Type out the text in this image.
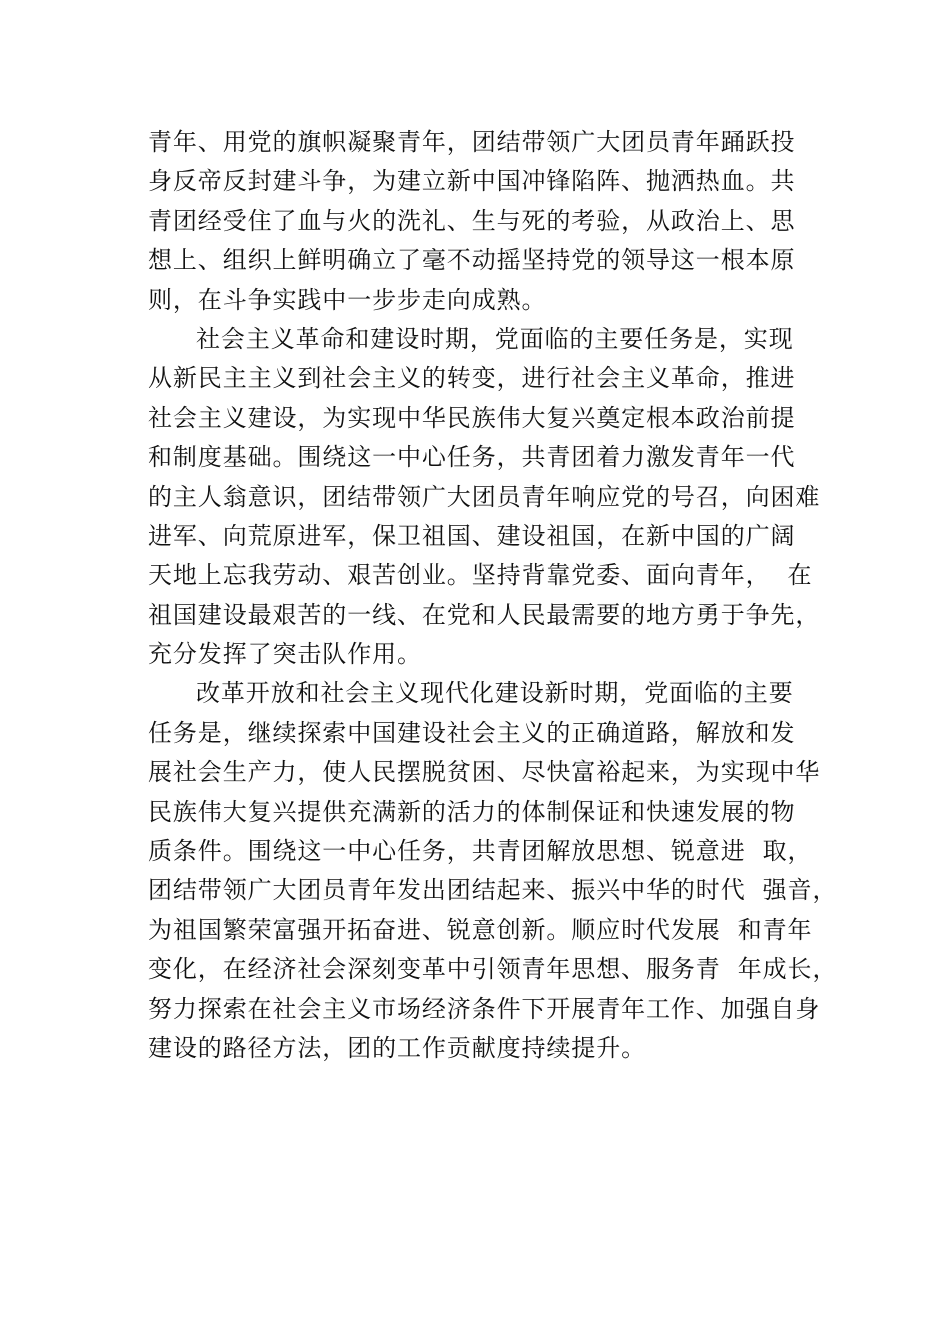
青年、用党的旗帜凝聚青年，团结带领广大团员青年踊跃投
身反帝反封建斗争，为建立新中国冲锋陷阵、抛洒热血。共
青团经受住了血与火的洗礼、生与死的考验，从政治上、思
想上、组织上鲜明确立了毫不动摇坚持党的领导这一根本原
则，在斗争实践中一步步走向成熟。
社会主义革命和建设时期，党面临的主要任务是，实现
从新民主主义到社会主义的转变，进行社会主义革命，推进
社会主义建设，为实现中华民族伟大复兴奠定根本政治前提
和制度基础。围绕这一中心任务，共青团着力激发青年一代
的主人翁意识，团结带领广大团员青年响应党的号召，向困难
进军、向荒原进军，保卫祖国、建设祖国，在新中国的广阔
天地上忘我劳动、艰苦创业。坚持背靠党委、面向青年，  在
祖国建设最艰苦的一线、在党和人民最需要的地方勇于争先，
充分发挥了突击队作用。
改革开放和社会主义现代化建设新时期，党面临的主要
任务是，继续探索中国建设社会主义的正确道路，解放和发
展社会生产力，使人民摆脱贫困、尽快富裕起来，为实现中华
民族伟大复兴提供充满新的活力的体制保证和快速发展的物
质条件。围绕这一中心任务，共青团解放思想、锐意进  取，
团结带领广大团员青年发出团结起来、振兴中华的时代  强音，
为祖国繁荣富强开拓奋进、锐意创新。顺应时代发展  和青年
变化，在经济社会深刻变革中引领青年思想、服务青  年成长，
努力探索在社会主义市场经济条件下开展青年工作、加强自身
建设的路径方法，团的工作贡献度持续提升。
